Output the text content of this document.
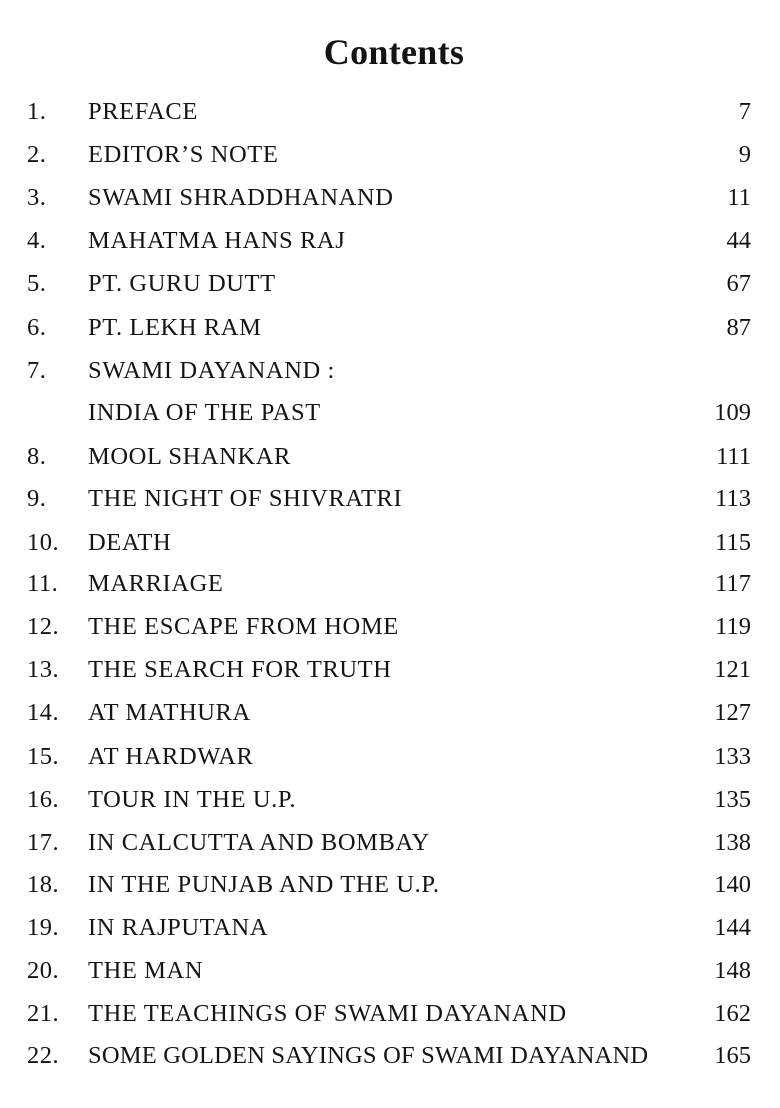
Contents
1. PREFACE	7
2. EDITOR’S NOTE	9
3. SWAMI SHRADDHANAND	11
4. MAHATMA HANS RAJ	44
5. PT. GURU DUTT	67
6. PT. LEKH RAM	87
7. SWAMI DAYANAND :
INDIA OF THE PAST	109
8. MOOL SHANKAR	111
9. THE NIGHT OF SHIVRATRI	113
10. DEATH	115
11. MARRIAGE	117
12. THE ESCAPE FROM HOME	119
13. THE SEARCH FOR TRUTH	121
14. AT MATHURA	127
15. AT HARDWAR	133
16. TOUR IN THE U.P.	135
17. IN CALCUTTA AND BOMBAY	138
18. IN THE PUNJAB AND THE U.P.	140
19. IN RAJPUTANA	144
20. THE MAN	148
21. THE TEACHINGS OF SWAMI DAYANAND	162
22. SOME GOLDEN SAYINGS OF SWAMI DAYANAND	165
